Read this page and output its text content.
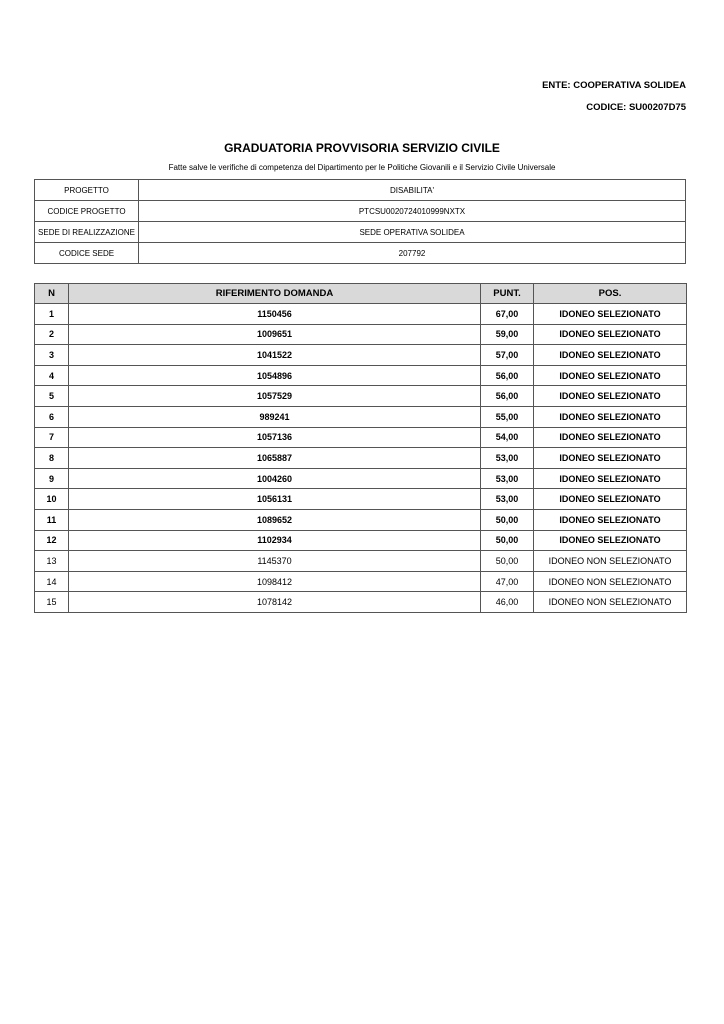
ENTE: COOPERATIVA SOLIDEA
CODICE: SU00207D75
GRADUATORIA PROVVISORIA SERVIZIO CIVILE
Fatte salve le verifiche di competenza del Dipartimento per le Politiche Giovanili e il Servizio Civile Universale
PROGETTO	DISABILITA'
CODICE PROGETTO	PTCSU0020724010999NXTX
SEDE DI REALIZZAZIONE	SEDE OPERATIVA SOLIDEA
CODICE SEDE	207792
N	RIFERIMENTO DOMANDA	PUNT.	POS.
1	1150456	67,00	IDONEO SELEZIONATO
2	1009651	59,00	IDONEO SELEZIONATO
3	1041522	57,00	IDONEO SELEZIONATO
4	1054896	56,00	IDONEO SELEZIONATO
5	1057529	56,00	IDONEO SELEZIONATO
6	989241	55,00	IDONEO SELEZIONATO
7	1057136	54,00	IDONEO SELEZIONATO
8	1065887	53,00	IDONEO SELEZIONATO
9	1004260	53,00	IDONEO SELEZIONATO
10	1056131	53,00	IDONEO SELEZIONATO
11	1089652	50,00	IDONEO SELEZIONATO
12	1102934	50,00	IDONEO SELEZIONATO
13	1145370	50,00	IDONEO NON SELEZIONATO
14	1098412	47,00	IDONEO NON SELEZIONATO
15	1078142	46,00	IDONEO NON SELEZIONATO
